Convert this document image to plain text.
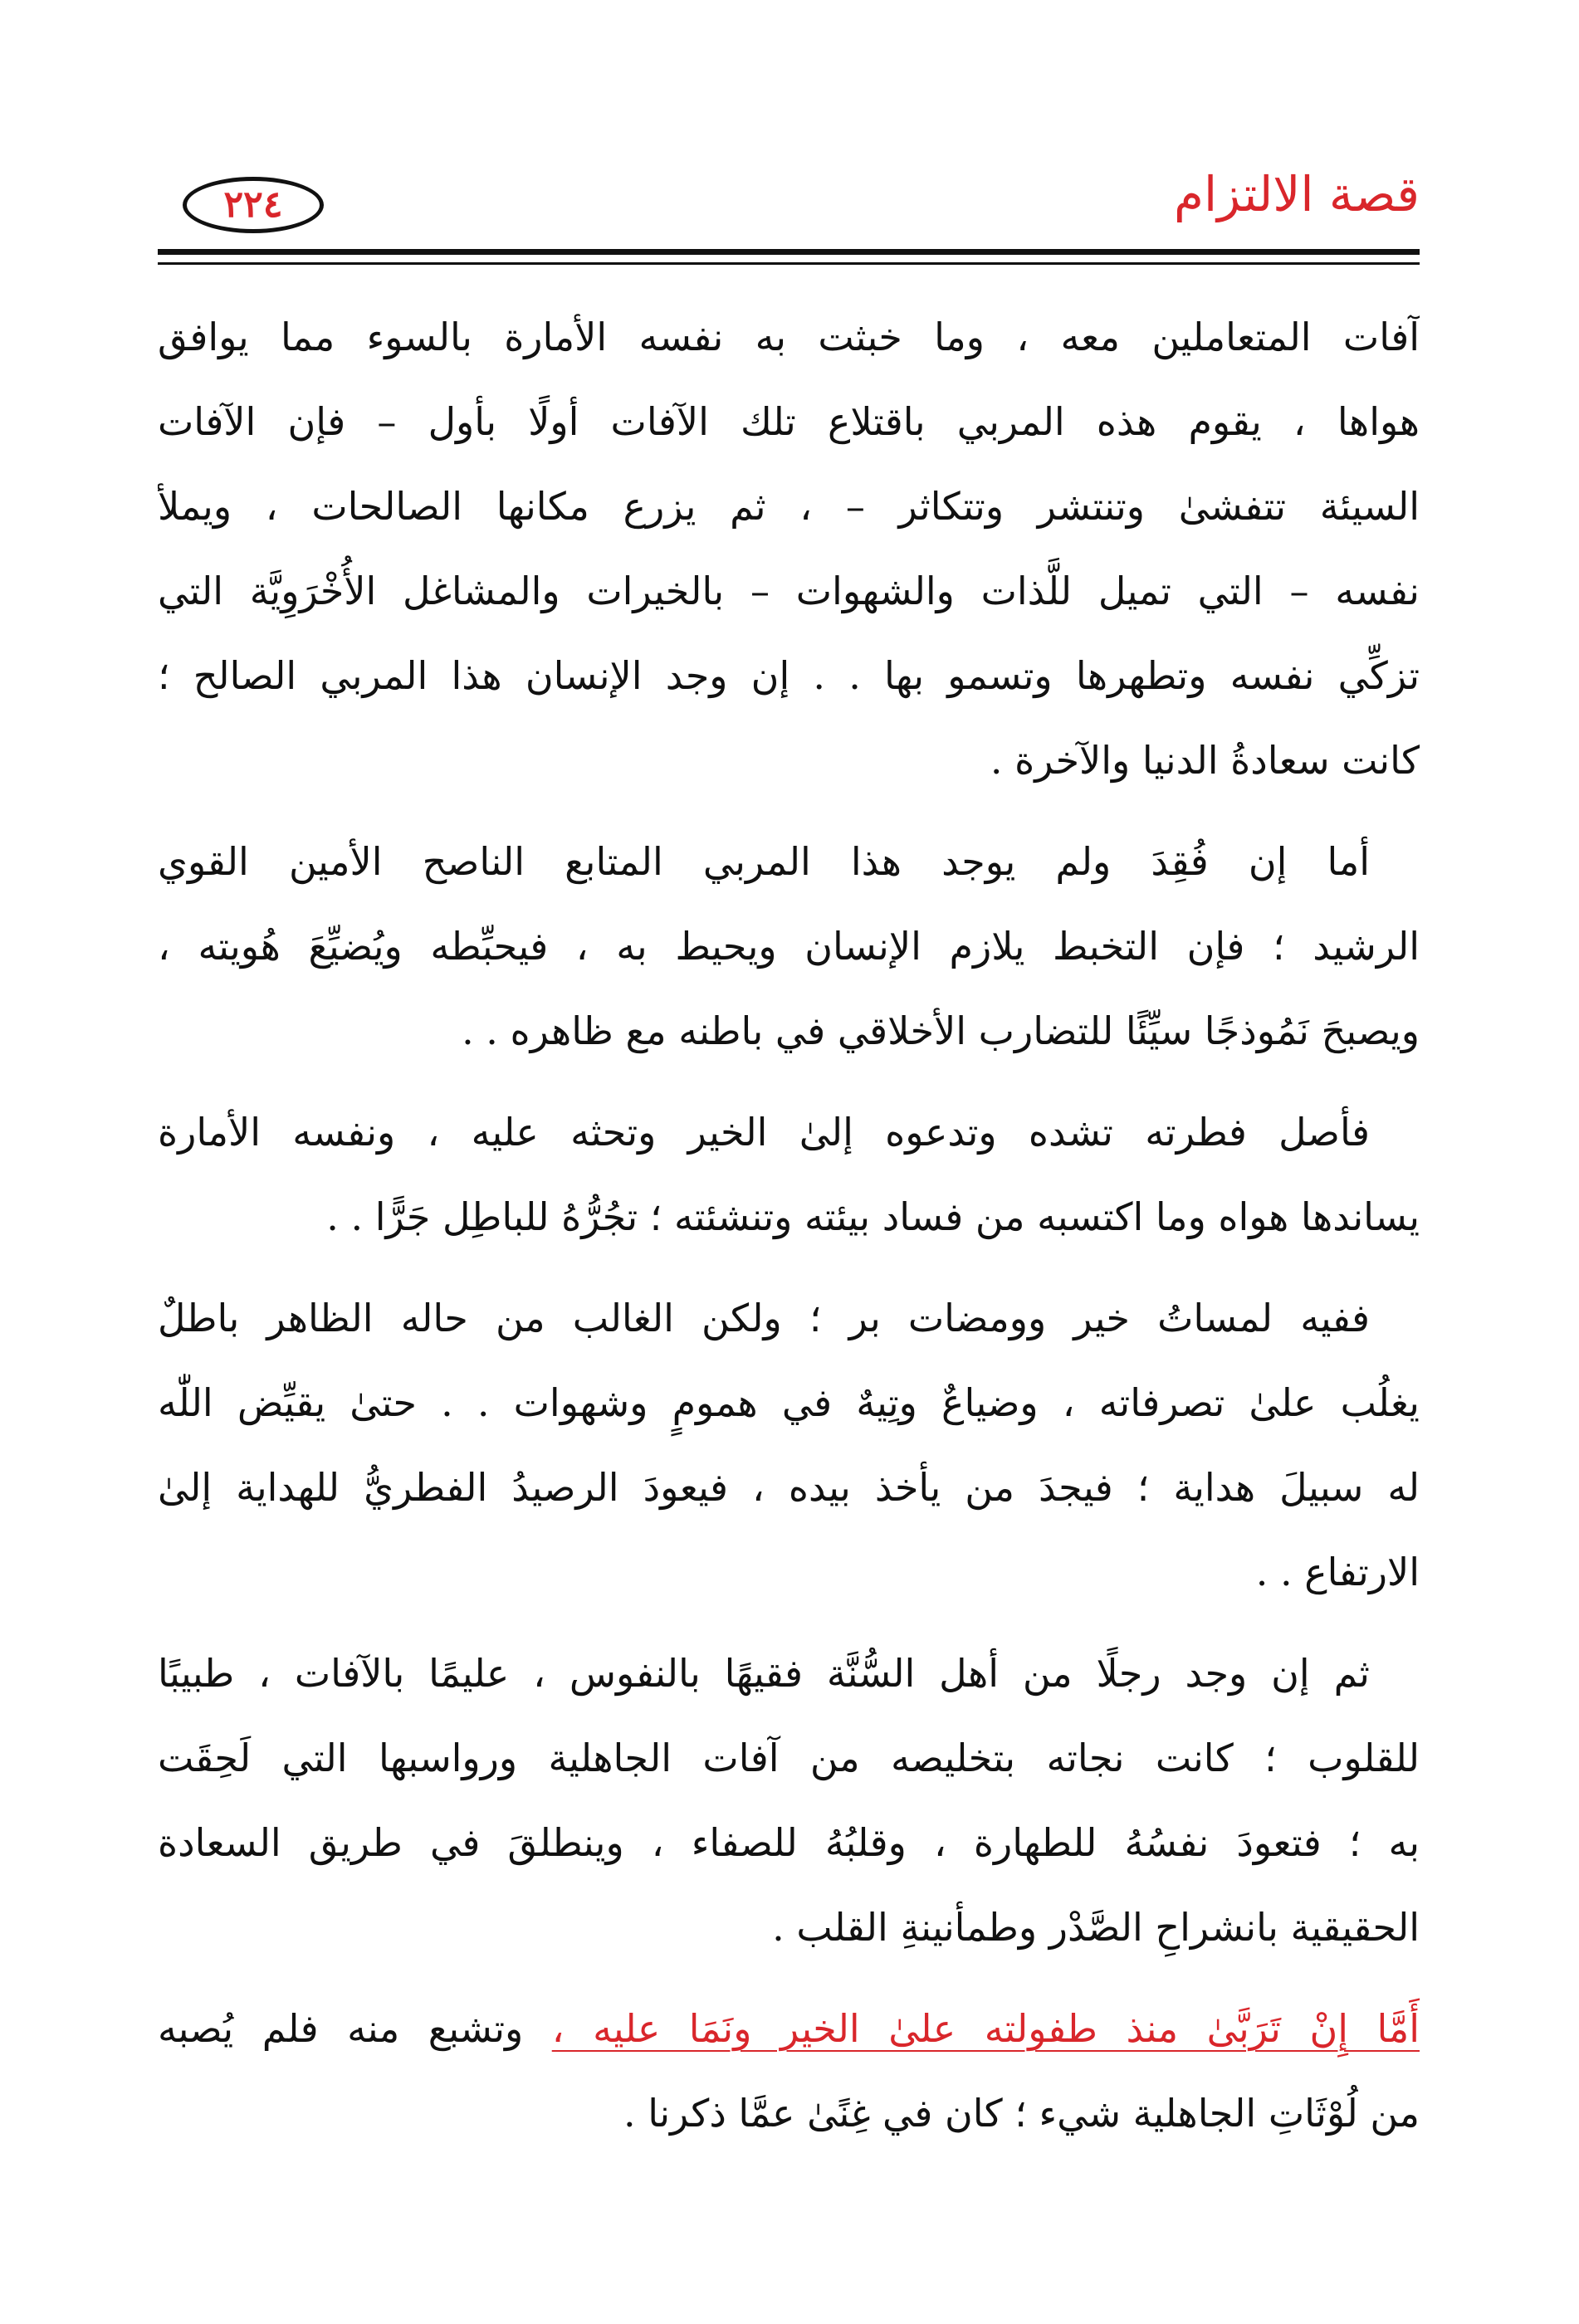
قصة الالتزام
٢٢٤
آفات المتعاملين معه ، وما خبثت به نفسه الأمارة بالسوء مما يوافق
هواها ، يقوم هذه المربي باقتلاع تلك الآفات أولًا بأول – فإن الآفات
السيئة تتفشىٰ وتنتشر وتتكاثر – ، ثم يزرع مكانها الصالحات ، ويملأ
نفسه – التي تميل للَّذات والشهوات – بالخيرات والمشاغل الأُخْرَوِيَّة التي
تزكِّي نفسه وتطهرها وتسمو بها . . إن وجد الإنسان هذا المربي الصالح ؛
كانت سعادةُ الدنيا والآخرة .
أما إن فُقِدَ ولم يوجد هذا المربي المتابع الناصح الأمين القوي
الرشيد ؛ فإن التخبط يلازم الإنسان ويحيط به ، فيحبِّطه ويُضيِّعَ هُويته ،
ويصبحَ نَمُوذجًا سيِّئًا للتضارب الأخلاقي في باطنه مع ظاهره . .
فأصل فطرته تشده وتدعوه إلىٰ الخير وتحثه عليه ، ونفسه الأمارة
يساندها هواه وما اكتسبه من فساد بيئته وتنشئته ؛ تجُرُّهُ للباطِل جَرًّا . .
ففيه لمساتُ خير وومضات بر ؛ ولكن الغالب من حاله الظاهر باطلٌ
يغلُب علىٰ تصرفاته ، وضياعٌ وتِيهٌ في همومٍ وشهوات . . حتىٰ يقيِّض اللّٰه
له سبيلَ هداية ؛ فيجدَ من يأخذ بيده ، فيعودَ الرصيدُ الفطريُّ للهداية إلىٰ
الارتفاع . .
ثم إن وجد رجلًا من أهل السُّنَّة فقيهًا بالنفوس ، عليمًا بالآفات ، طبيبًا
للقلوب ؛ كانت نجاته بتخليصه من آفات الجاهلية ورواسبها التي لَحِقَت
به ؛ فتعودَ نفسُهُ للطهارة ، وقلبُهُ للصفاء ، وينطلقَ في طريق السعادة
الحقيقية بانشراحِ الصَّدْر وطمأنينةِ القلب .
أَمَّا إِنْ تَرَبَّىٰ منذ طفولته علىٰ الخير ونَمَا عليه ، وتشبع منه فلم يُصبه
من لُوْثَاتِ الجاهلية شيء ؛ كان في غِنًىٰ عمَّا ذكرنا .
